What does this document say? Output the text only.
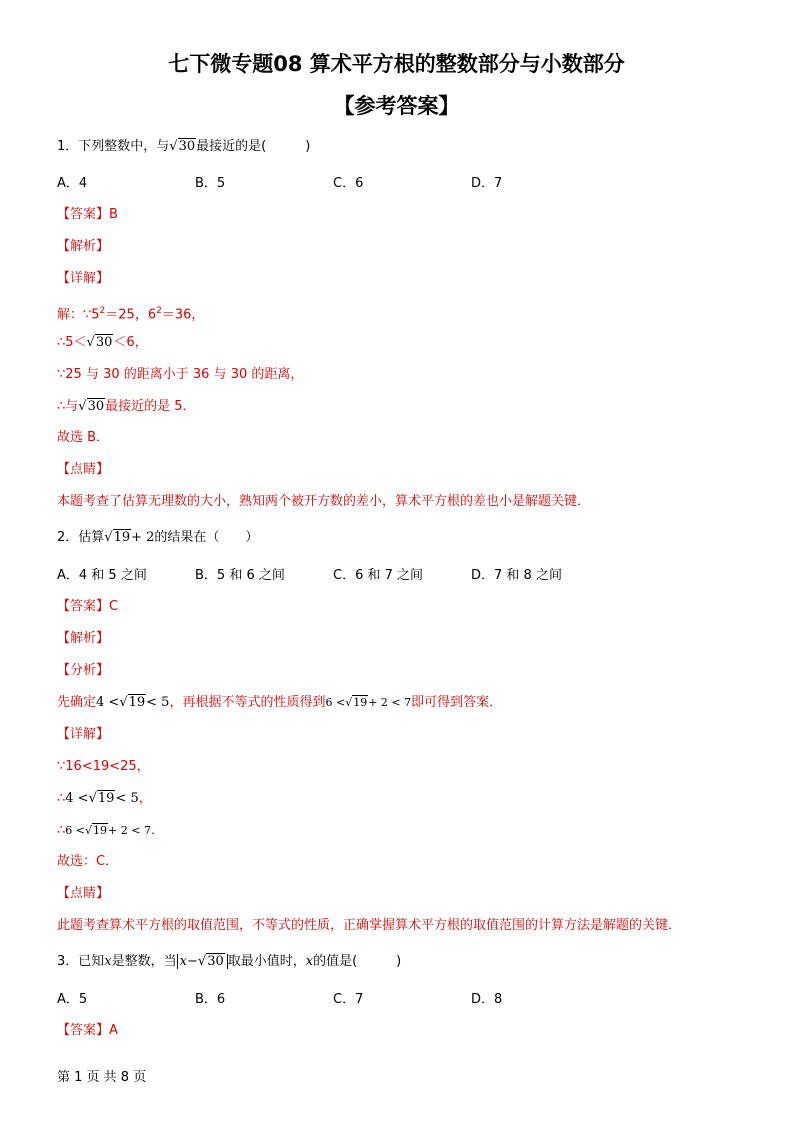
七下微专题08 算术平方根的整数部分与小数部分
【参考答案】
1．下列整数中，与√30最接近的是(　　　)
A．4	B．5	C．6	D．7
【答案】B
【解析】
【详解】
解：$\because 5^2=25$，$6^2=36$，
∴5＜√30＜6，
∵25 与 30 的距离小于 36 与 30 的距离，
∴与√30最接近的是 5．
故选 B．
【点睛】
本题考查了估算无理数的大小，熟知两个被开方数的差小，算术平方根的差也小是解题关键．
2．估算√19+ 2的结果在（　　）
A．4 和 5 之间	B．5 和 6 之间	C．6 和 7 之间	D．7 和 8 之间
【答案】C
【解析】
【分析】
先确定4 <√19< 5，再根据不等式的性质得到6 <√19+ 2 < 7即可得到答案．
【详解】
∵16<19<25，
∴4 <√19< 5，
∴6 <√19+ 2 < 7．
故选：C．
【点睛】
此题考查算术平方根的取值范围，不等式的性质，正确掌握算术平方根的取值范围的计算方法是解题的关键．
3．已知x是整数，当 x−√30 取最小值时，x的值是(　　　)
A．5	B．6	C．7	D．8
【答案】A
第 1 页 共 8 页
